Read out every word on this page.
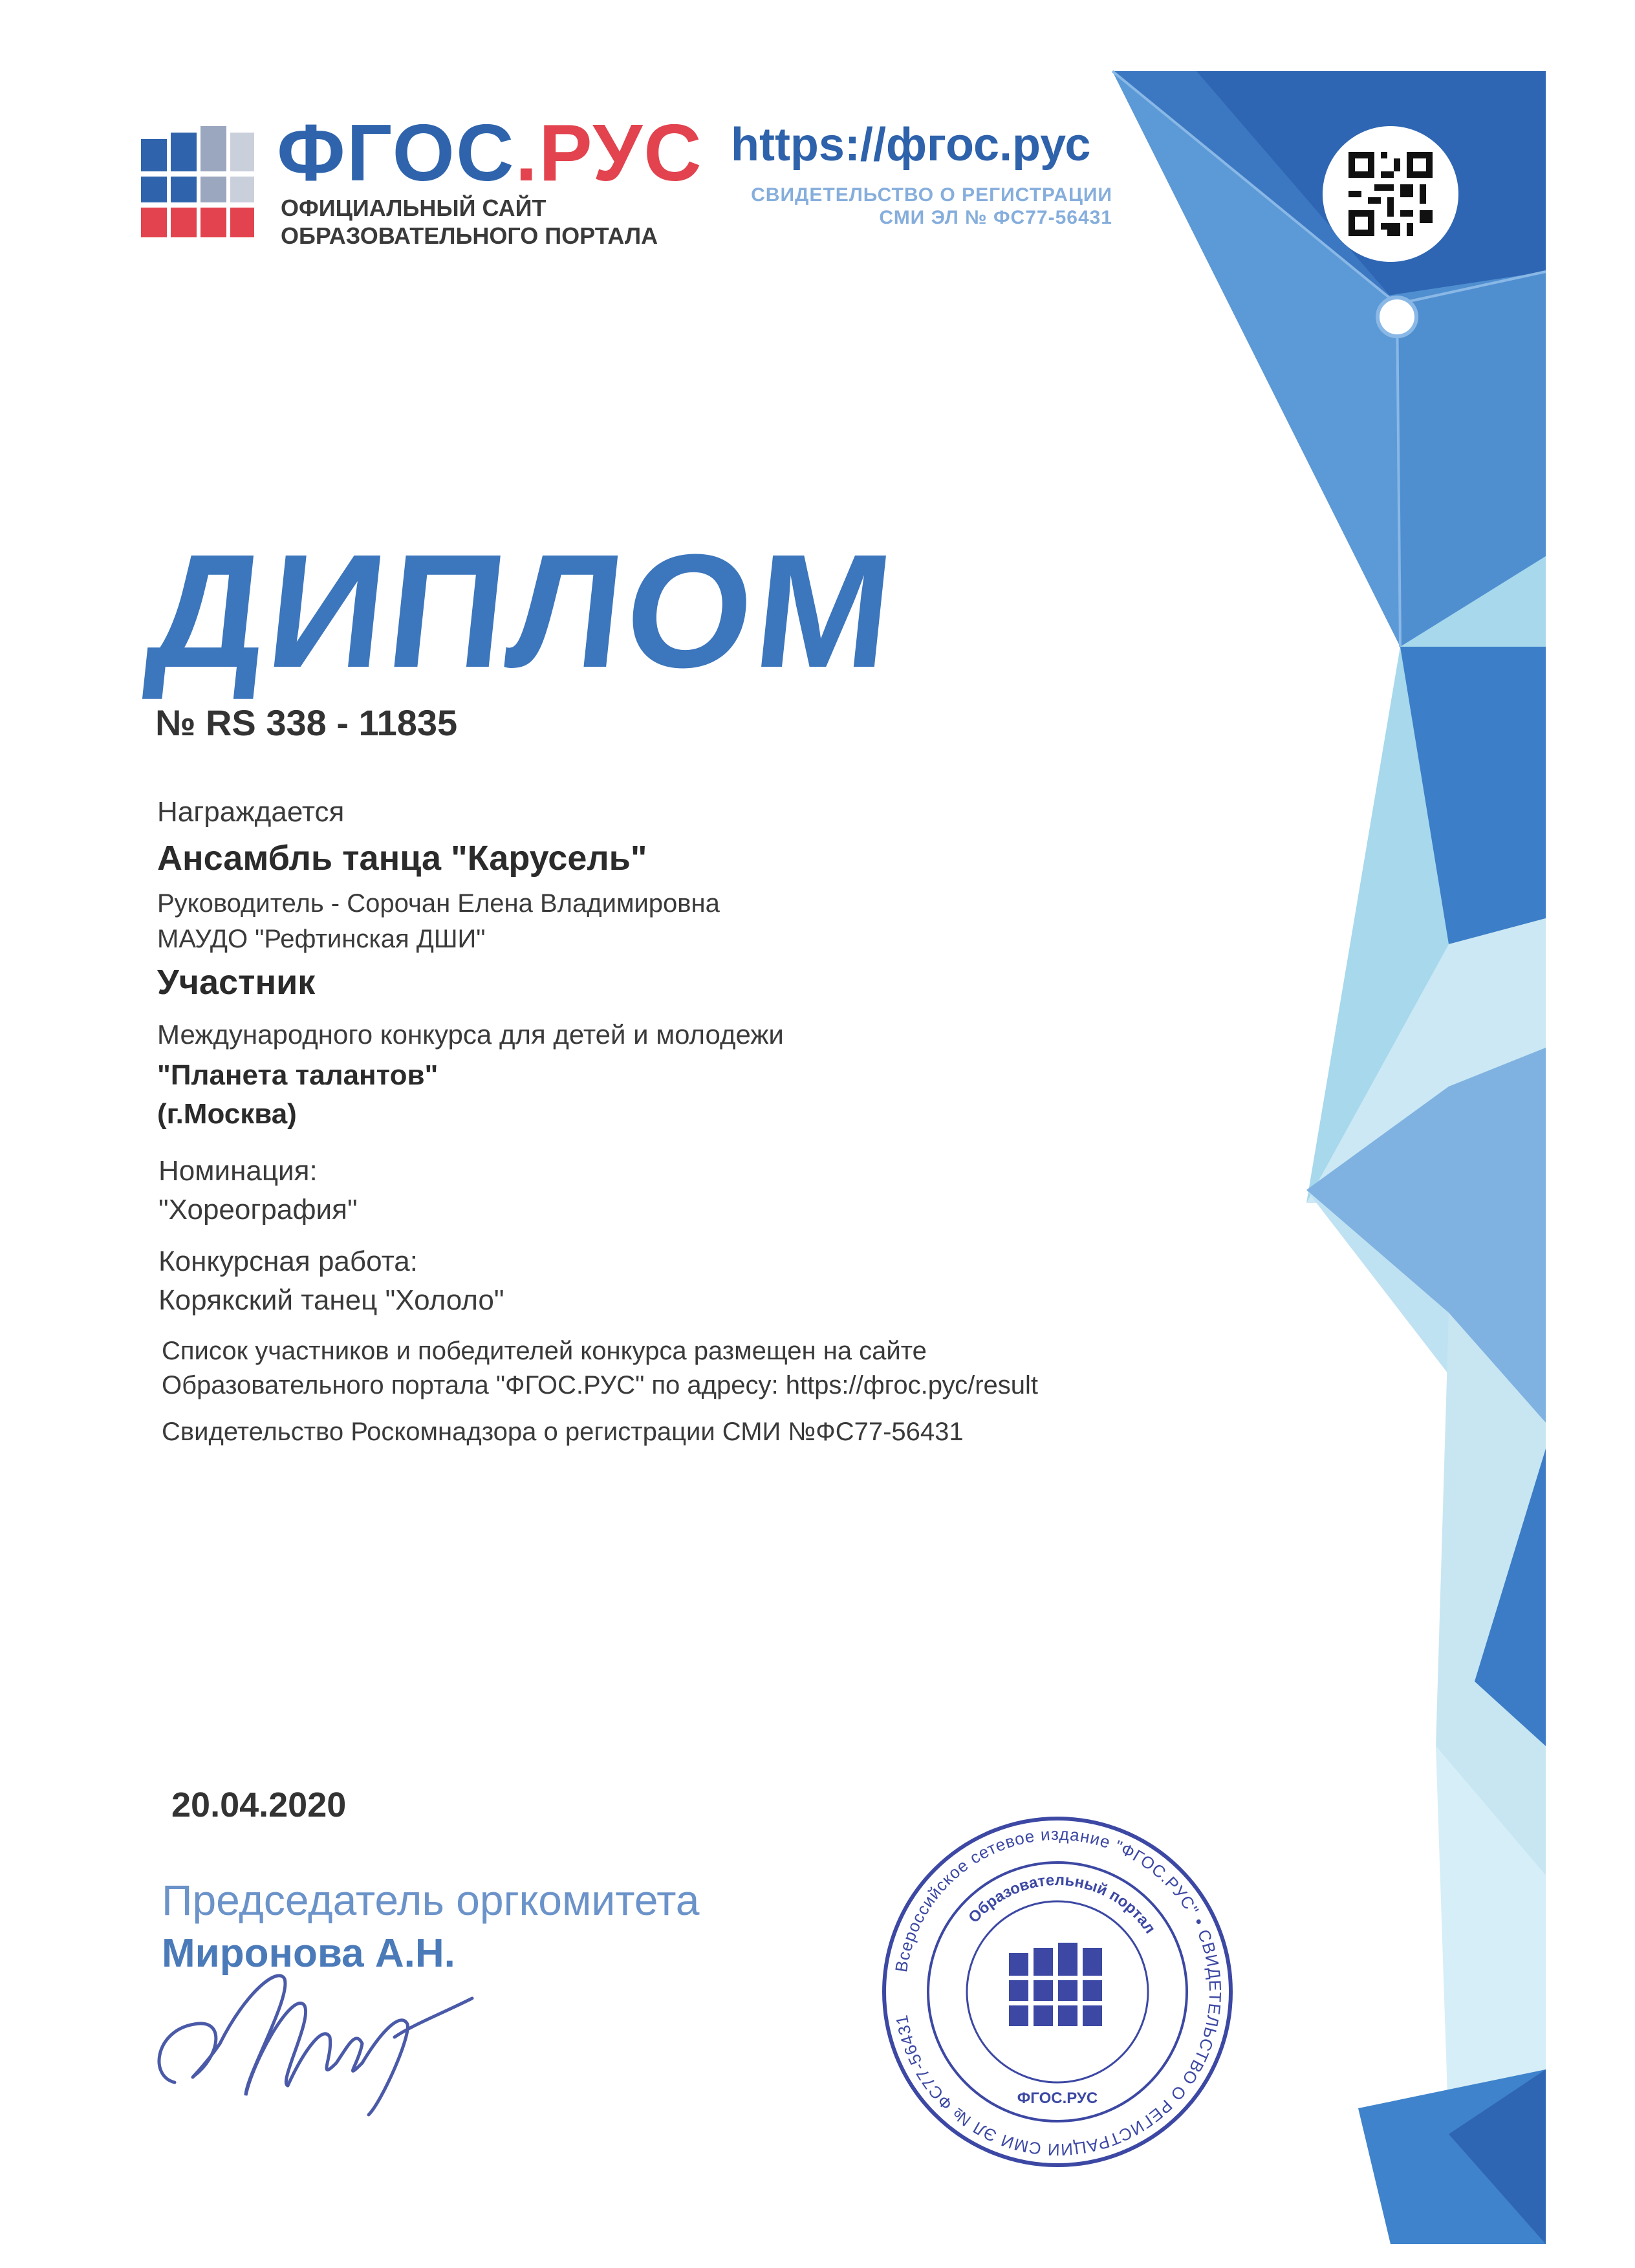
ФГОС.РУС
ОФИЦИАЛЬНЫЙ САЙТ
ОБРАЗОВАТЕЛЬНОГО ПОРТАЛА
https://фгос.рус
СВИДЕТЕЛЬСТВО О РЕГИСТРАЦИИ
СМИ ЭЛ № ФС77-56431
ДИПЛОМ
№ RS 338 - 11835
Награждается
Ансамбль танца "Карусель"
Руководитель - Сорочан Елена Владимировна
МАУДО "Рефтинская ДШИ"
Участник
Международного конкурса для детей и молодежи
"Планета талантов"
(г.Москва)
Номинация:
"Хореография"
Конкурсная работа:
Корякский танец "Хололо"
Список участников и победителей конкурса размещен на сайте
Образовательного портала "ФГОС.РУС" по адресу: https://фгос.рус/result
Свидетельство Роскомнадзора о регистрации СМИ №ФС77-56431
20.04.2020
Председатель оргкомитета
Миронова А.Н.	Всероссийское сетевое издание "ФГОС.РУС" • СВИДЕТЕЛЬСТВО О РЕГИСТРАЦИИ СМИ ЭЛ № ФС77-56431
Образовательный портал
ФГОС.РУС
